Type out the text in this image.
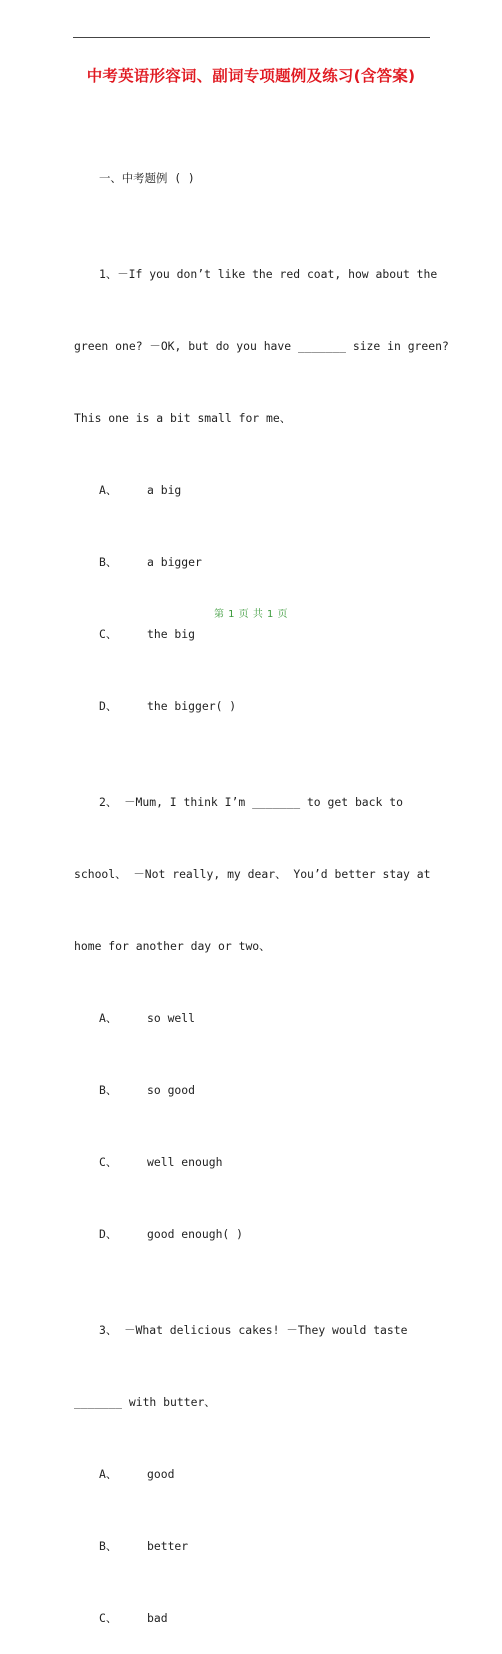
中考英语形容词、副词专项题例及练习(含答案)

一、中考题例 ( )

1、－If you don’t like the red coat, how about the

green one? －OK, but do you have _______ size in green?

This one is a bit small for me、

A、	a big

B、	a bigger

C、	the big

D、	the bigger( )

2、 －Mum, I think I’m _______ to get back to

school、 －Not really, my dear、 You’d better stay at

home for another day or two、

A、	so well

B、	so good

C、	well enough

D、	good enough( )

3、 －What delicious cakes! －They would taste

_______ with butter、

A、	good

B、	better

C、	bad

第 1 页 共 1 页
